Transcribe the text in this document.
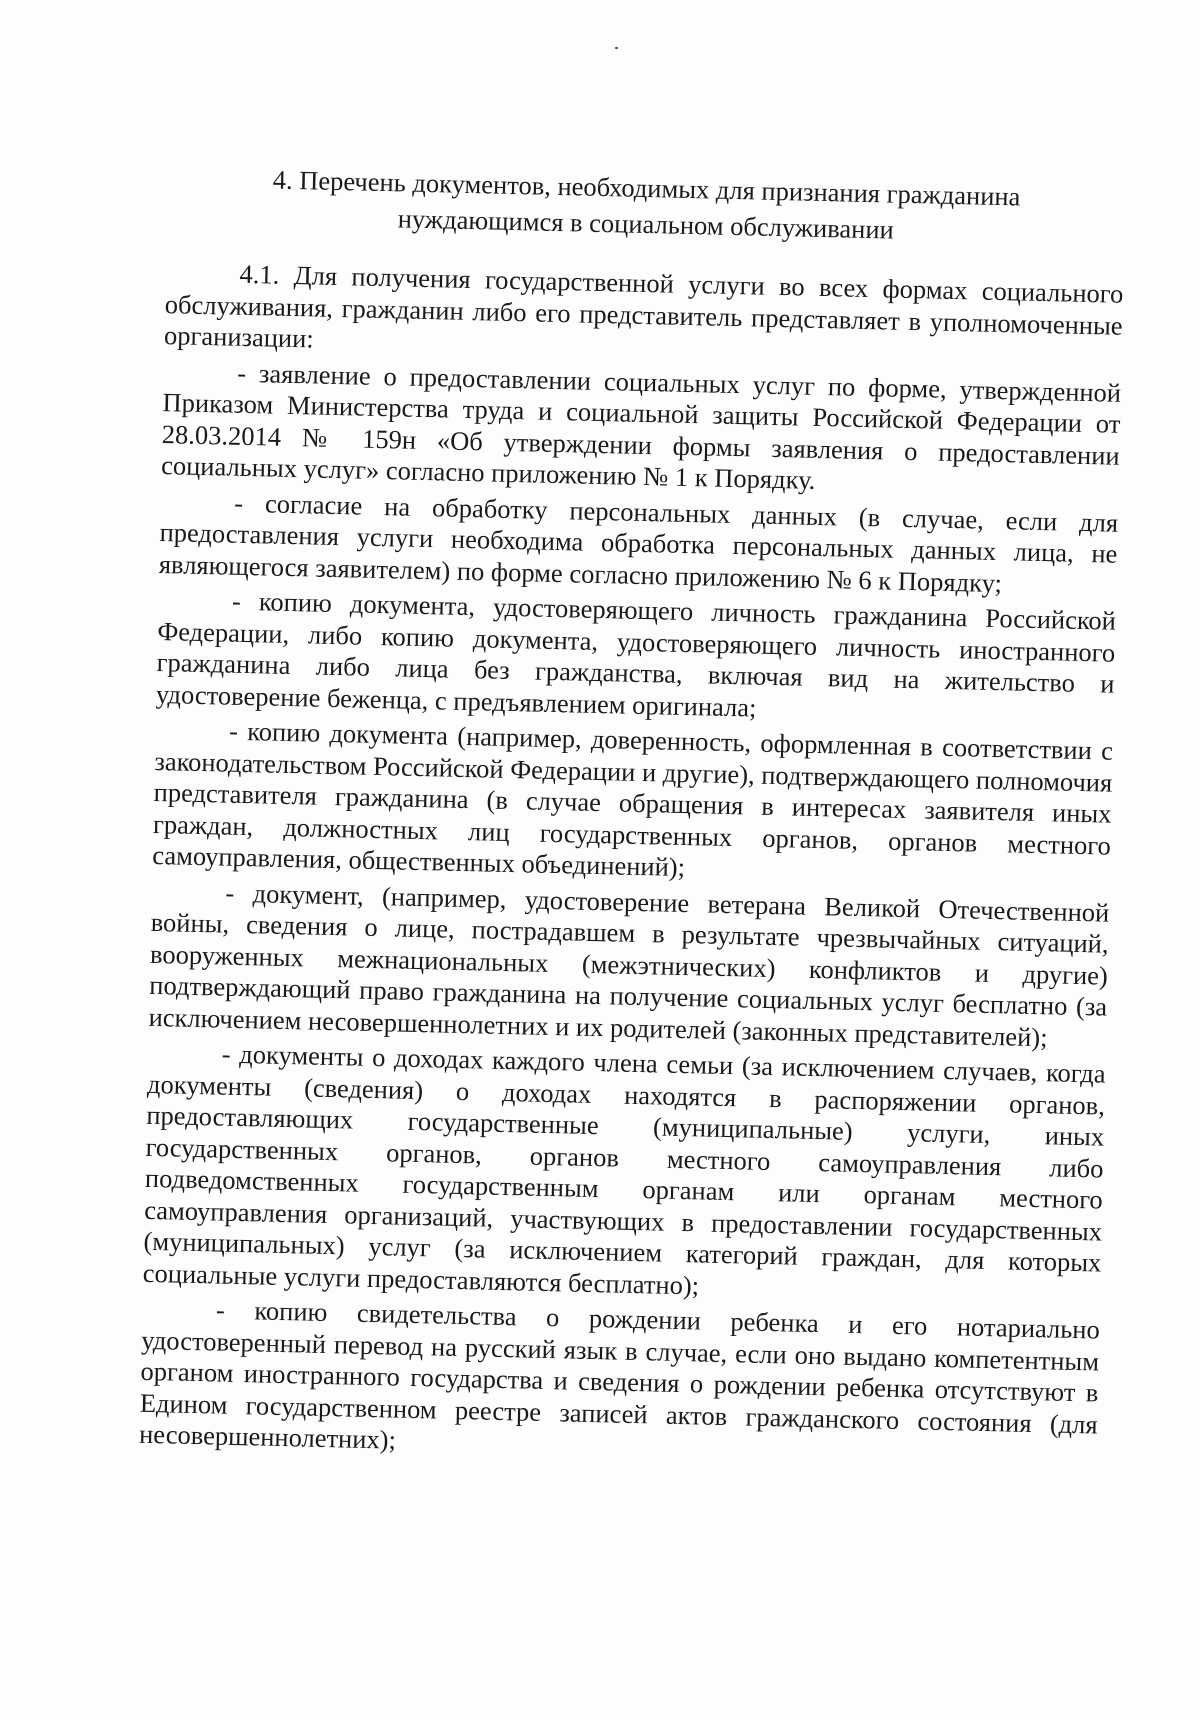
4. Перечень документов, необходимых для признания гражданина
нуждающимся в социальном обслуживании

4.1. Для получения государственной услуги во всех формах социального обслуживания, гражданин либо его представитель представляет в уполномоченные организации:

- заявление о предоставлении социальных услуг по форме, утвержденной Приказом Министерства труда и социальной защиты Российской Федерации от 28.03.2014 № 159н «Об утверждении формы заявления о предоставлении социальных услуг» согласно приложению № 1 к Порядку.

- согласие на обработку персональных данных (в случае, если для предоставления услуги необходима обработка персональных данных лица, не являющегося заявителем) по форме согласно приложению № 6 к Порядку;

- копию документа, удостоверяющего личность гражданина Российской Федерации, либо копию документа, удостоверяющего личность иностранного гражданина либо лица без гражданства, включая вид на жительство и удостоверение беженца, с предъявлением оригинала;

- копию документа (например, доверенность, оформленная в соответствии с законодательством Российской Федерации и другие), подтверждающего полномочия представителя гражданина (в случае обращения в интересах заявителя иных граждан, должностных лиц государственных органов, органов местного самоуправления, общественных объединений);

- документ, (например, удостоверение ветерана Великой Отечественной войны, сведения о лице, пострадавшем в результате чрезвычайных ситуаций, вооруженных межнациональных (межэтнических) конфликтов и другие) подтверждающий право гражданина на получение социальных услуг бесплатно (за исключением несовершеннолетних и их родителей (законных представителей);

- документы о доходах каждого члена семьи (за исключением случаев, когда документы (сведения) о доходах находятся в распоряжении органов, предоставляющих государственные (муниципальные) услуги, иных государственных органов, органов местного самоуправления либо подведомственных государственным органам или органам местного самоуправления организаций, участвующих в предоставлении государственных (муниципальных) услуг (за исключением категорий граждан, для которых социальные услуги предоставляются бесплатно);

- копию свидетельства о рождении ребенка и его нотариально удостоверенный перевод на русский язык в случае, если оно выдано компетентным органом иностранного государства и сведения о рождении ребенка отсутствуют в Едином государственном реестре записей актов гражданского состояния (для несовершеннолетних);
